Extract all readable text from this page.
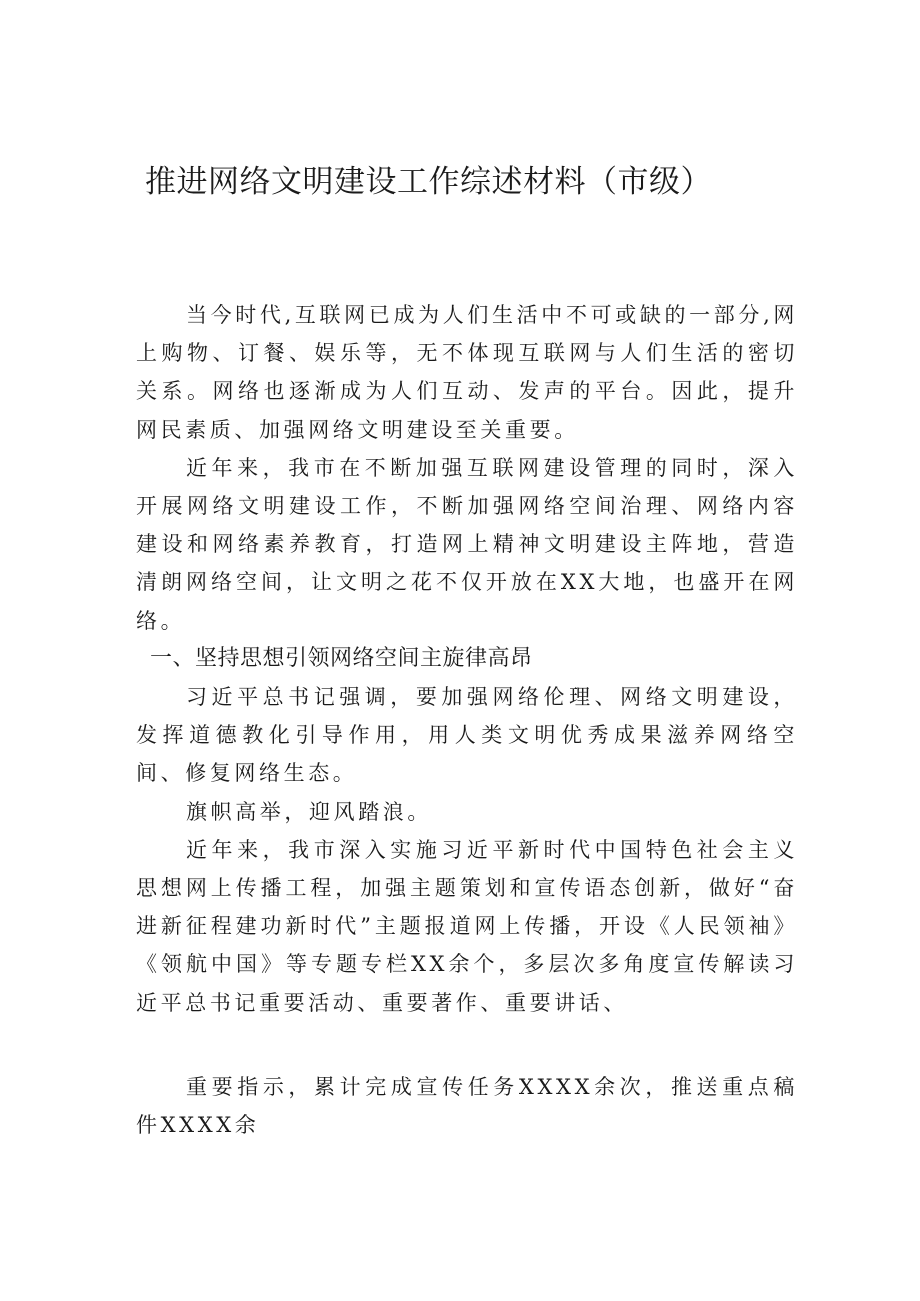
推进网络文明建设工作综述材料（市级）

当今时代,互联网已成为人们生活中不可或缺的一部分,网上购物、订餐、娱乐等，无不体现互联网与人们生活的密切关系。网络也逐渐成为人们互动、发声的平台。因此，提升网民素质、加强网络文明建设至关重要。

近年来，我市在不断加强互联网建设管理的同时，深入开展网络文明建设工作，不断加强网络空间治理、网络内容建设和网络素养教育，打造网上精神文明建设主阵地，营造清朗网络空间，让文明之花不仅开放在XX大地，也盛开在网络。

一、坚持思想引领网络空间主旋律高昂

习近平总书记强调，要加强网络伦理、网络文明建设，发挥道德教化引导作用，用人类文明优秀成果滋养网络空间、修复网络生态。

旗帜高举，迎风踏浪。

近年来，我市深入实施习近平新时代中国特色社会主义思想网上传播工程，加强主题策划和宣传语态创新，做好“奋进新征程建功新时代”主题报道网上传播，开设《人民领袖》《领航中国》等专题专栏XX余个，多层次多角度宣传解读习近平总书记重要活动、重要著作、重要讲话、

重要指示，累计完成宣传任务XXXX余次，推送重点稿件XXXX余
